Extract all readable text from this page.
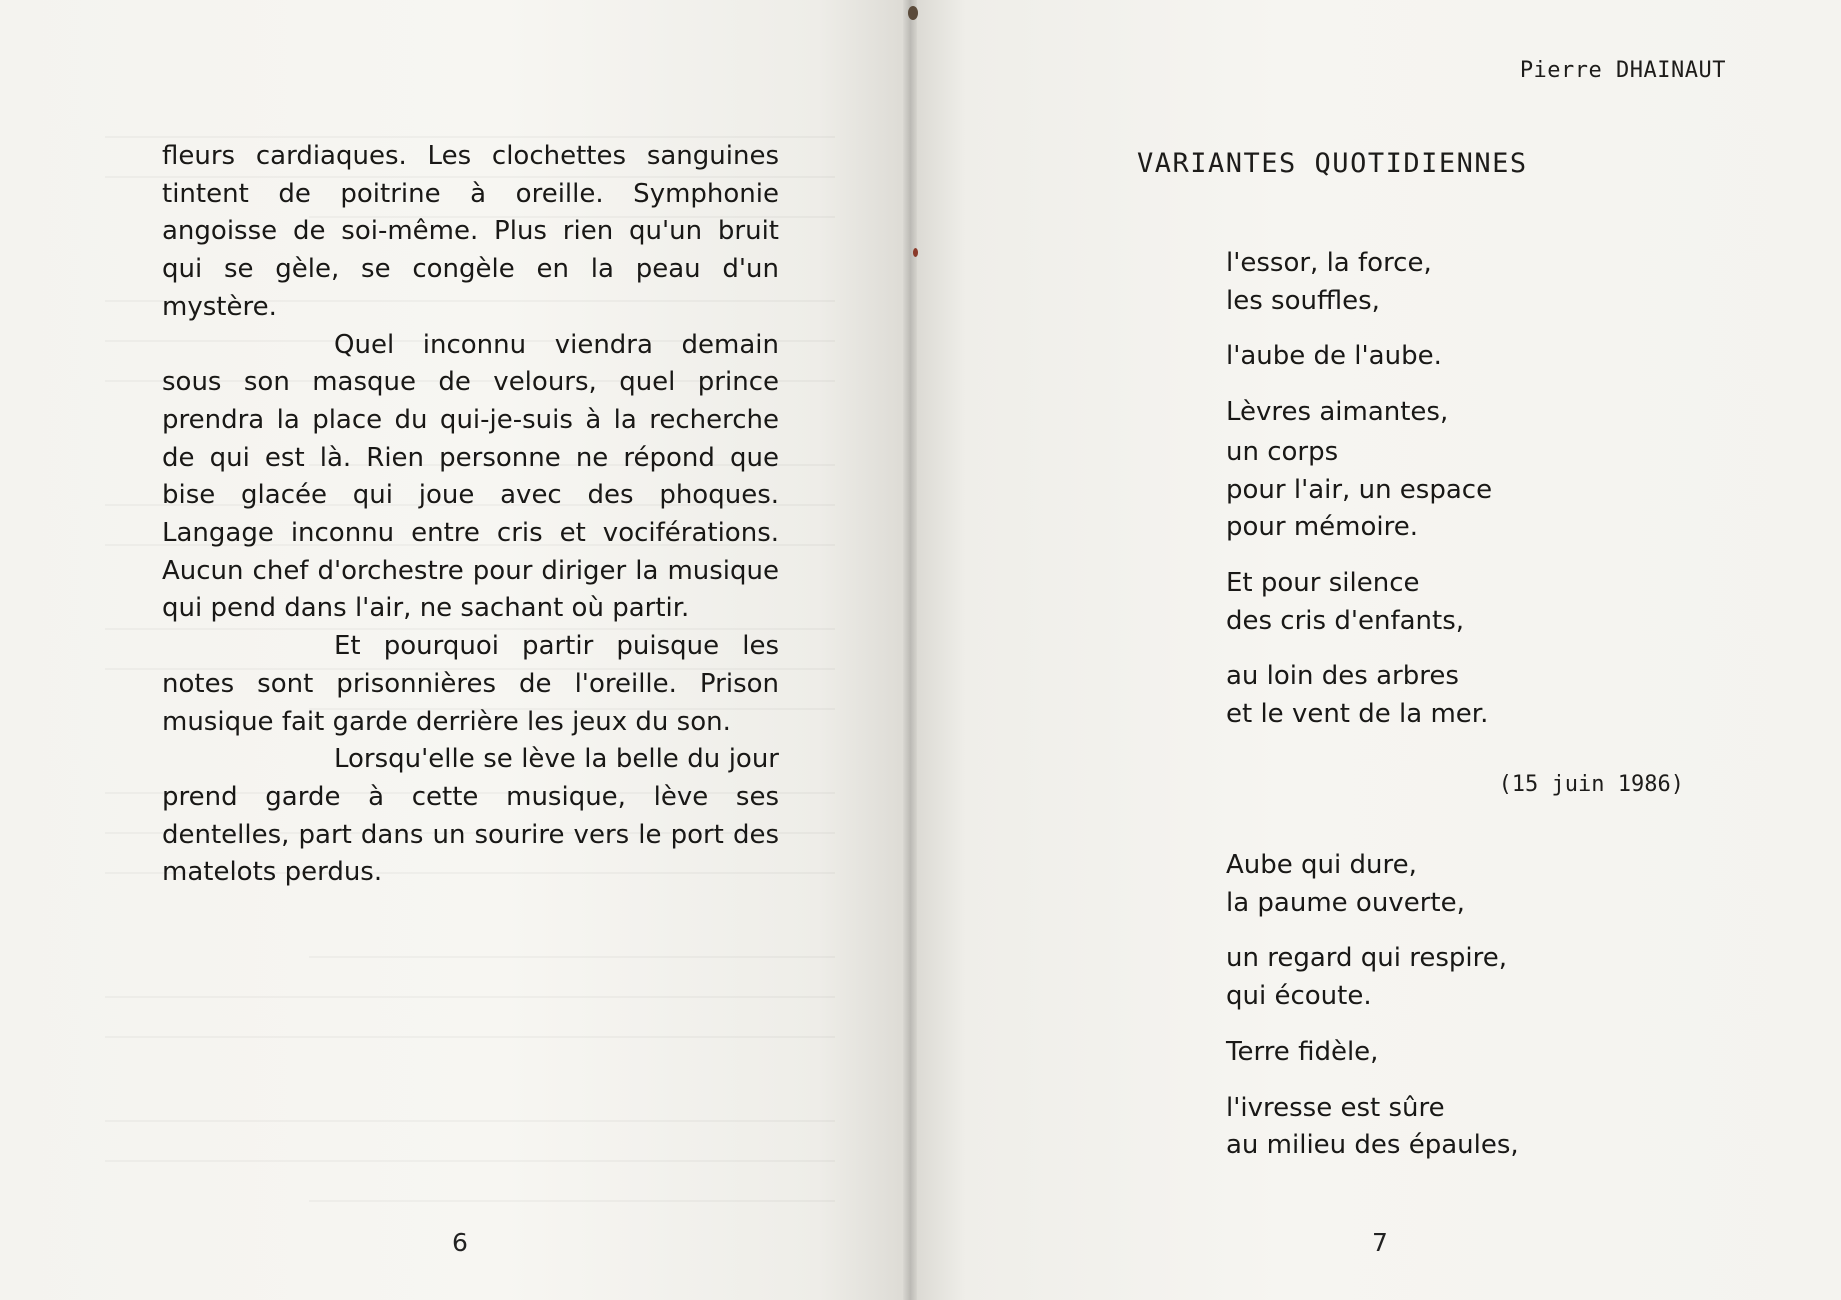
fleurs cardiaques. Les clochettes sanguines tintent de poitrine à oreille. Symphonie angoisse de soi-même. Plus rien qu'un bruit qui se gèle, se congèle en la peau d'un mystère.

Quel inconnu viendra demain sous son masque de velours, quel prince prendra la place du qui-je-suis à la recherche de qui est là. Rien personne ne répond que bise glacée qui joue avec des phoques. Langage inconnu entre cris et vociférations. Aucun chef d'orchestre pour diriger la musique qui pend dans l'air, ne sachant où partir.

Et pourquoi partir puisque les notes sont prisonnières de l'oreille. Prison musique fait garde derrière les jeux du son.

Lorsqu'elle se lève la belle du jour prend garde à cette musique, lève ses dentelles, part dans un sourire vers le port des matelots perdus.

6
Pierre DHAINAUT
VARIANTES QUOTIDIENNES
l'essor, la force,
les souffles,
l'aube de l'aube.
Lèvres aimantes,
un corps
pour l'air, un espace
pour mémoire.
Et pour silence
des cris d'enfants,
au loin des arbres
et le vent de la mer.
(15 juin 1986)
Aube qui dure,
la paume ouverte,
un regard qui respire,
qui écoute.
Terre fidèle,
l'ivresse est sûre
au milieu des épaules,
7
